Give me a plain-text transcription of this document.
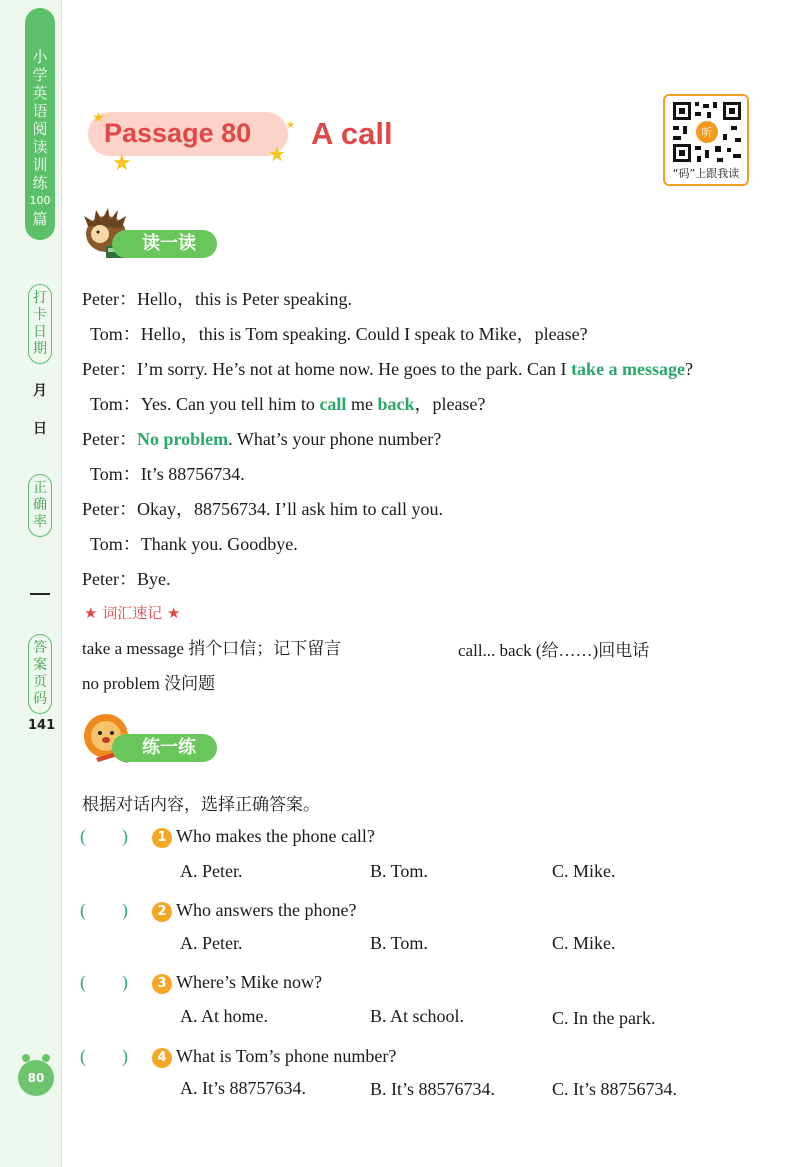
小
学
英
语
阅
读
训
练
100
篇
打
卡
日
期
月
日
正
确
率
答
案
页
码
141
80
Passage 80 A call
★
★	★
★
听
“码”上跟我读
读一读
Peter：Hello，this is Peter speaking.
Tom：Hello，this is Tom speaking. Could I speak to Mike，please?
Peter：I’m sorry. He’s not at home now. He goes to the park. Can I take a message?
Tom：Yes. Can you tell him to call me back，please?
Peter：No problem. What’s your phone number?
Tom：It’s 88756734.
Peter：Okay，88756734. I’ll ask him to call you.
Tom：Thank you. Goodbye.
Peter：Bye.
★ 词汇速记 ★
take a message 捎个口信；记下留言	call... back (给……)回电话
no problem 没问题
练一练
根据对话内容，选择正确答案。
(　　) 1 Who makes the phone call?
A. Peter.	B. Tom.	C. Mike.
(　　) 2 Who answers the phone?
A. Peter.	B. Tom.	C. Mike.
(　　) 3 Where’s Mike now?
A. At home.	B. At school.	C. In the park.
(　　) 4 What is Tom’s phone number?
A. It’s 88757634.	B. It’s 88576734.	C. It’s 88756734.
